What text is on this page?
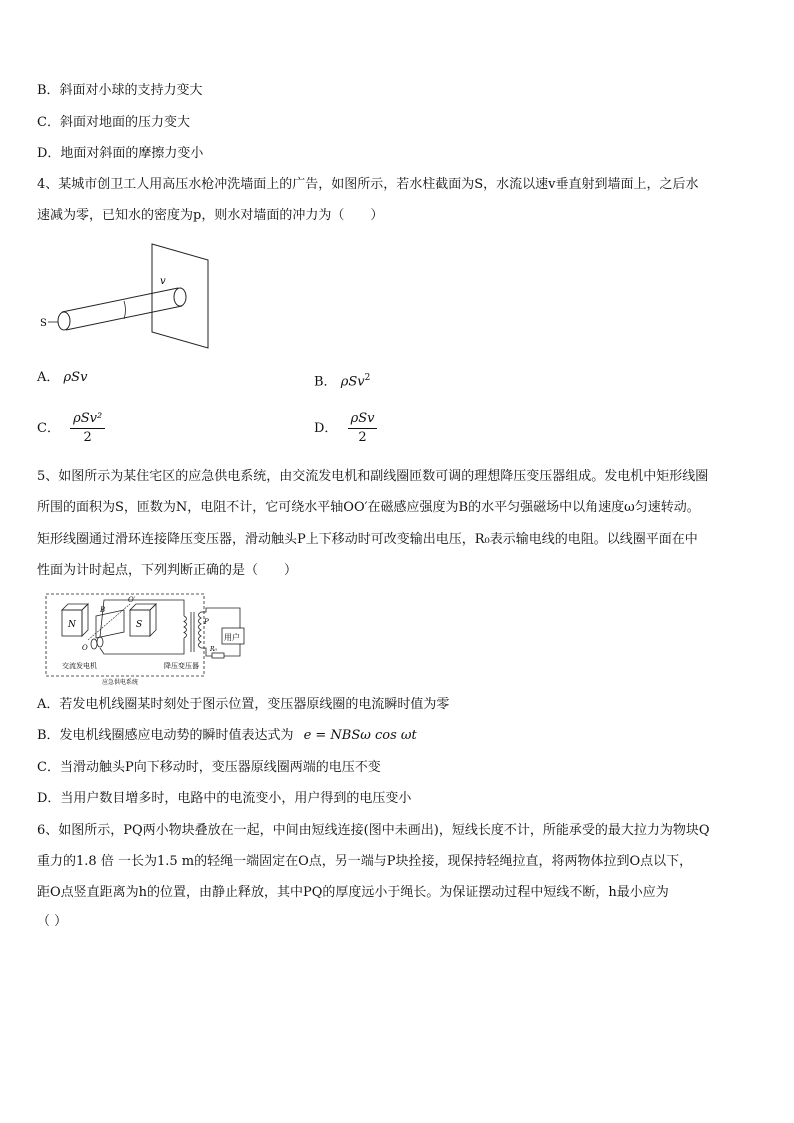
B．斜面对小球的支持力变大
C．斜面对地面的压力变大
D．地面对斜面的摩擦力变小
4、某城市创卫工人用高压水枪冲洗墙面上的广告，如图所示，若水柱截面为S，水流以速v垂直射到墙面上，之后水
速减为零，已知水的密度为p，则水对墙面的冲力为（　　）
S
v
A． ρSv	B． ρSv$^2$
C． $\frac{\text{ρSv²}}{2}$	D． $\frac{\text{ρSv}}{2}$
5、如图所示为某住宅区的应急供电系统，由交流发电机和副线圈匝数可调的理想降压变压器组成。发电机中矩形线圈
所围的面积为S，匝数为N，电阻不计，它可绕水平轴OO′在磁感应强度为B的水平匀强磁场中以角速度ω匀速转动。
矩形线圈通过滑环连接降压变压器，滑动触头P上下移动时可改变输出电压，R₀表示输电线的电阻。以线圈平面在中
性面为计时起点，下列判断正确的是（　　）
N	S
B
O
O′
P
用户
R₀
交流发电机	降压变压器
应急供电系统
A．若发电机线圈某时刻处于图示位置，变压器原线圈的电流瞬时值为零
B．发电机线圈感应电动势的瞬时值表达式为 e = NBSω cos ωt
C．当滑动触头P向下移动时，变压器原线圈两端的电压不变
D．当用户数目增多时，电路中的电流变小，用户得到的电压变小
6、如图所示，PQ两小物块叠放在一起，中间由短线连接(图中未画出)，短线长度不计，所能承受的最大拉力为物块Q
重力的1.8 倍 一长为1.5 m的轻绳一端固定在O点，另一端与P块拴接，现保持轻绳拉直，将两物体拉到O点以下，
距O点竖直距离为h的位置，由静止释放，其中PQ的厚度远小于绳长。为保证摆动过程中短线不断，h最小应为
（ ）
